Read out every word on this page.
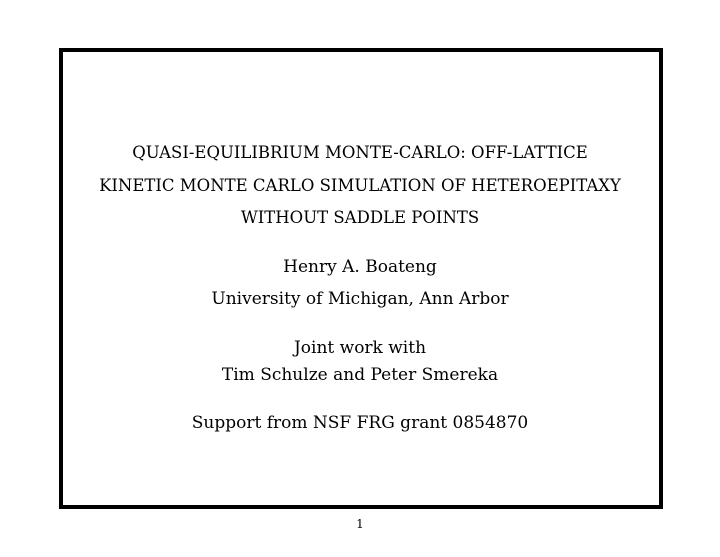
QUASI-EQUILIBRIUM MONTE-CARLO: OFF-LATTICE
KINETIC MONTE CARLO SIMULATION OF HETEROEPITAXY
WITHOUT SADDLE POINTS
Henry A. Boateng
University of Michigan, Ann Arbor
Joint work with
Tim Schulze and Peter Smereka
Support from NSF FRG grant 0854870
1
